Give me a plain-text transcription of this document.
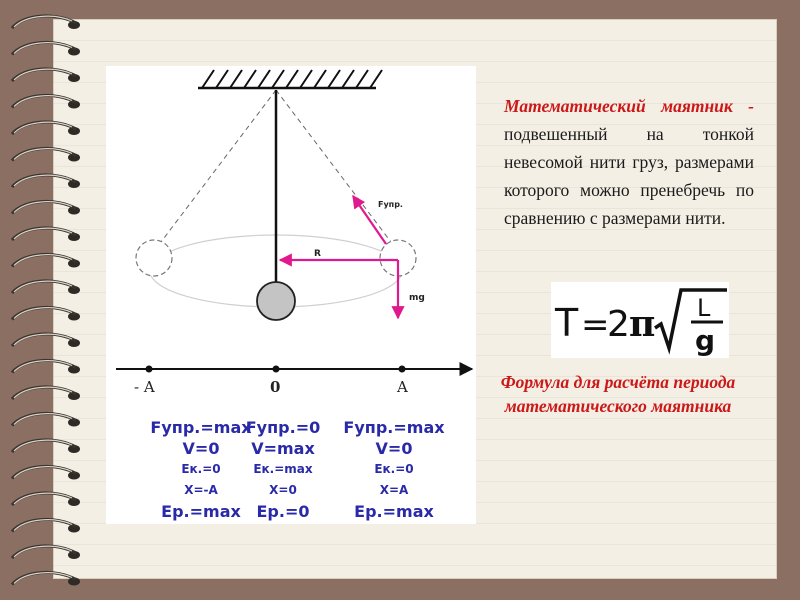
Fупр.
R
mg
- A	0	A
Fупр.=max
V=0
Eк.=0
X=-A
Eр.=max
Fупр.=0
V=max
Eк.=max
X=0
Eр.=0
Fупр.=max
V=0
Eк.=0
X=A
Eр.=max
Математический маятник - подвешенный на тонкой невесомой нити груз, размерами которого можно пренебречь по сравнению с размерами нити.
T =
2 π L
g
Формула для расчёта периода математического маятника
